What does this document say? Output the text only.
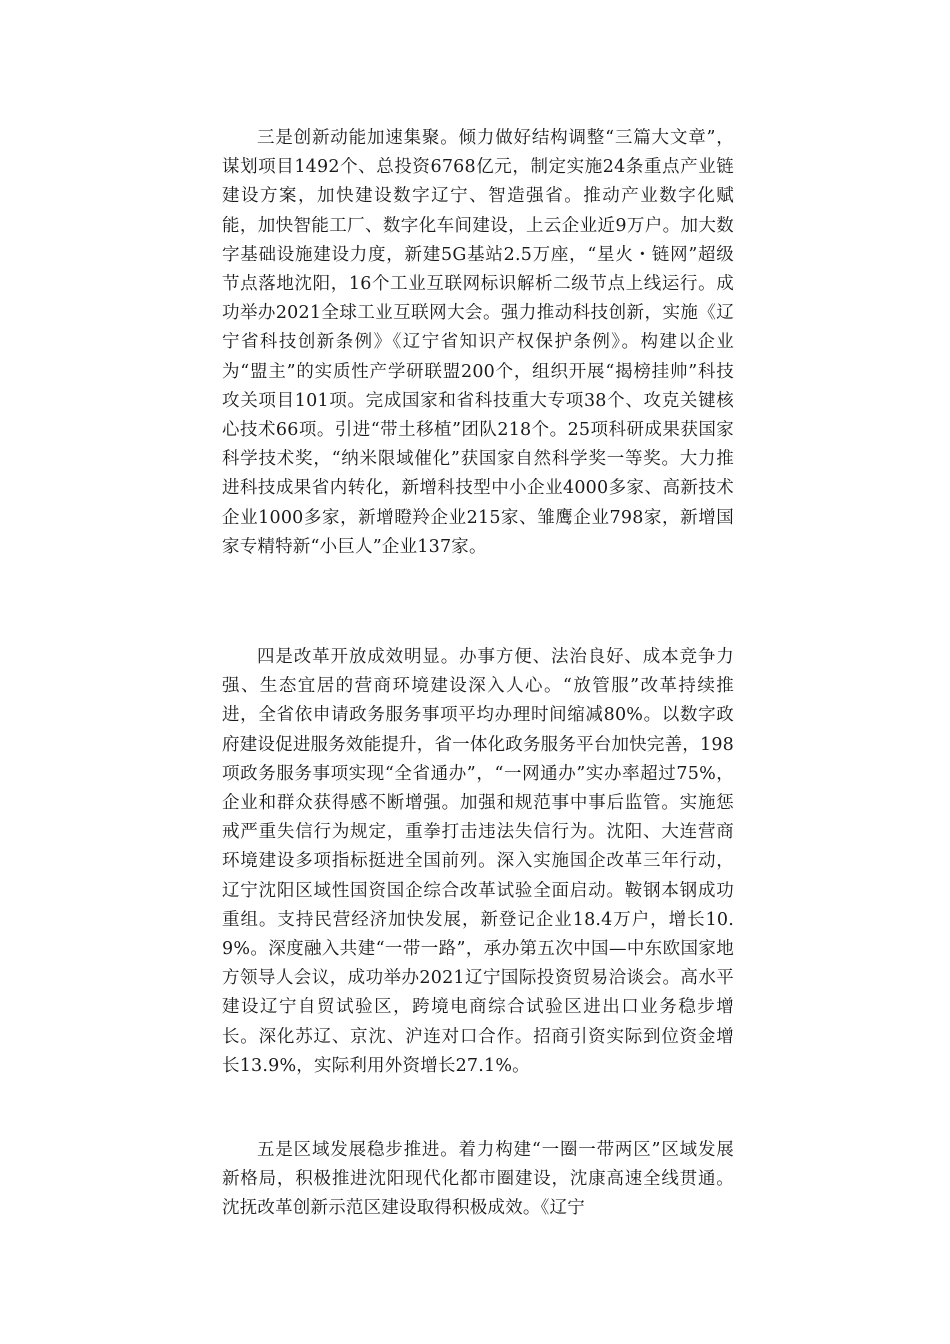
三是创新动能加速集聚。倾力做好结构调整“三篇大文章”，谋划项目1492个、总投资6768亿元，制定实施24条重点产业链建设方案，加快建设数字辽宁、智造强省。推动产业数字化赋能，加快智能工厂、数字化车间建设，上云企业近9万户。加大数字基础设施建设力度，新建5G基站2.5万座，“星火・链网”超级节点落地沈阳，16个工业互联网标识解析二级节点上线运行。成功举办2021全球工业互联网大会。强力推动科技创新，实施《辽宁省科技创新条例》《辽宁省知识产权保护条例》。构建以企业为“盟主”的实质性产学研联盟200个，组织开展“揭榜挂帅”科技攻关项目101项。完成国家和省科技重大专项38个、攻克关键核心技术66项。引进“带土移植”团队218个。25项科研成果获国家科学技术奖，“纳米限域催化”获国家自然科学奖一等奖。大力推进科技成果省内转化，新增科技型中小企业4000多家、高新技术企业1000多家，新增瞪羚企业215家、雏鹰企业798家，新增国家专精特新“小巨人”企业137家。

四是改革开放成效明显。办事方便、法治良好、成本竞争力强、生态宜居的营商环境建设深入人心。“放管服”改革持续推进，全省依申请政务服务事项平均办理时间缩减80%。以数字政府建设促进服务效能提升，省一体化政务服务平台加快完善，198项政务服务事项实现“全省通办”，“一网通办”实办率超过75%，企业和群众获得感不断增强。加强和规范事中事后监管。实施惩戒严重失信行为规定，重拳打击违法失信行为。沈阳、大连营商环境建设多项指标挺进全国前列。深入实施国企改革三年行动，辽宁沈阳区域性国资国企综合改革试验全面启动。鞍钢本钢成功重组。支持民营经济加快发展，新登记企业18.4万户，增长10.9%。深度融入共建“一带一路”，承办第五次中国—中东欧国家地方领导人会议，成功举办2021辽宁国际投资贸易洽谈会。高水平建设辽宁自贸试验区，跨境电商综合试验区进出口业务稳步增长。深化苏辽、京沈、沪连对口合作。招商引资实际到位资金增长13.9%，实际利用外资增长27.1%。

五是区域发展稳步推进。着力构建“一圈一带两区”区域发展新格局，积极推进沈阳现代化都市圈建设，沈康高速全线贯通。沈抚改革创新示范区建设取得积极成效。《辽宁
